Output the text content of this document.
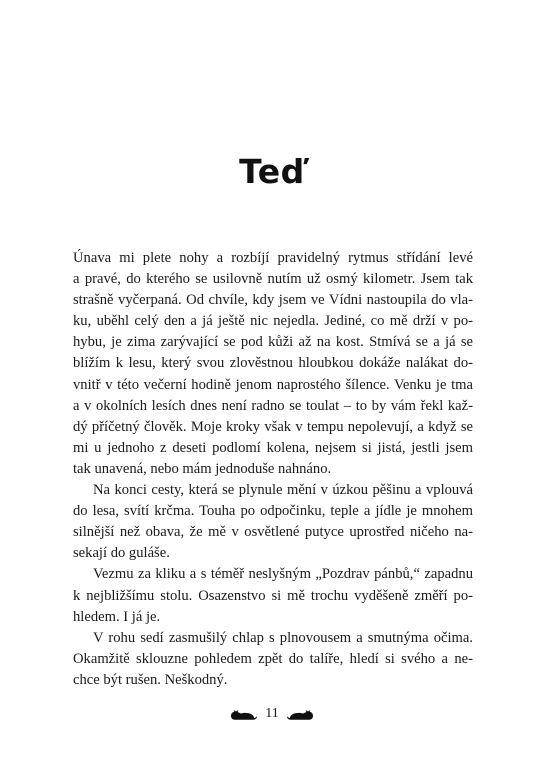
Teď

Únava mi plete nohy a rozbíjí pravidelný rytmus střídání levé
a pravé, do kterého se usilovně nutím už osmý kilometr. Jsem tak
strašně vyčerpaná. Od chvíle, kdy jsem ve Vídni nastoupila do vla-
ku, uběhl celý den a já ještě nic nejedla. Jediné, co mě drží v po-
hybu, je zima zarývající se pod kůži až na kost. Stmívá se a já se
blížím k lesu, který svou zlověstnou hloubkou dokáže nalákat do-
vnitř v této večerní hodině jenom naprostého šílence. Venku je tma
a v okolních lesích dnes není radno se toulat – to by vám řekl kaž-
dý příčetný člověk. Moje kroky však v tempu nepolevují, a když se
mi u jednoho z deseti podlomí kolena, nejsem si jistá, jestli jsem
tak unavená, nebo mám jednoduše nahnáno.

Na konci cesty, která se plynule mění v úzkou pěšinu a vplouvá
do lesa, svítí krčma. Touha po odpočinku, teple a jídle je mnohem
silnější než obava, že mě v osvětlené putyce uprostřed ničeho na-
sekají do guláše.

Vezmu za kliku a s téměř neslyšným „Pozdrav pánbů,“ zapadnu
k nejbližšímu stolu. Osazenstvo si mě trochu vyděšeně změří po-
hledem. I já je.

V rohu sedí zasmušilý chlap s plnovousem a smutnýma očima.
Okamžitě sklouzne pohledem zpět do talíře, hledí si svého a ne-
chce být rušen. Neškodný.

11
